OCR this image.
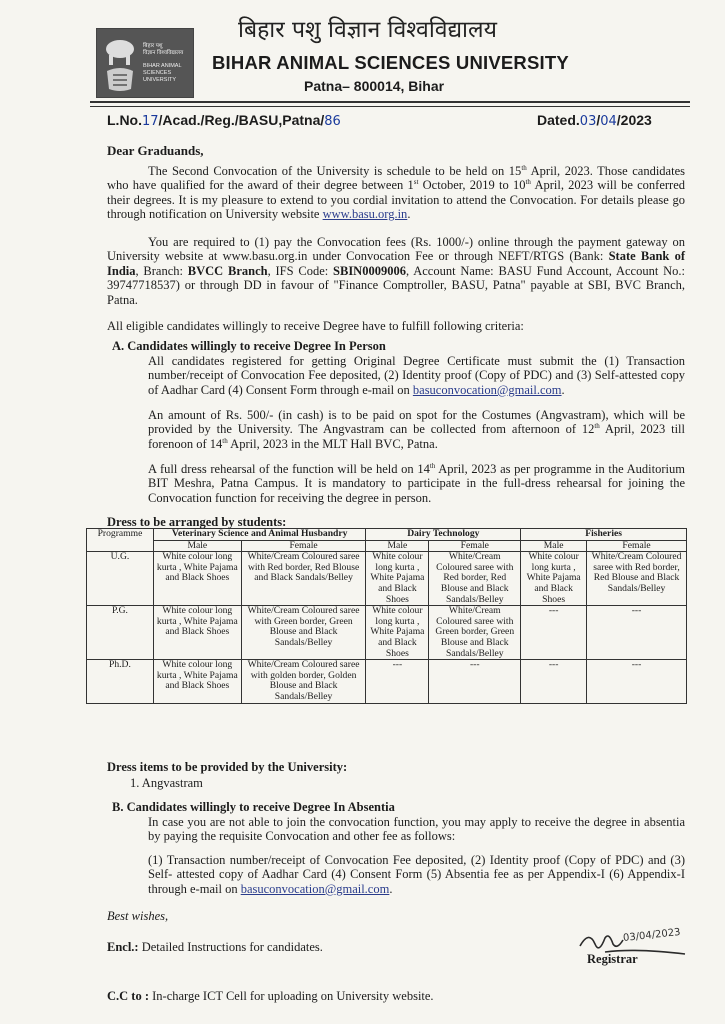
बिहार पशु
विज्ञान विश्वविद्यालय
BIHAR ANIMAL
SCIENCES UNIVERSITY
बिहार पशु विज्ञान विश्वविद्यालय
BIHAR ANIMAL SCIENCES UNIVERSITY
Patna– 800014, Bihar
L.No.17/Acad./Reg./BASU,Patna/86	Dated.03/04/2023
Dear Graduands,
The Second Convocation of the University is schedule to be held on 15th April, 2023. Those candidates who have qualified for the award of their degree between 1st October, 2019 to 10th April, 2023 will be conferred their degrees. It is my pleasure to extend to you cordial invitation to attend the Convocation. For details please go through notification on University website www.basu.org.in.
You are required to (1) pay the Convocation fees (Rs. 1000/-) online through the payment gateway on University website at www.basu.org.in under Convocation Fee or through NEFT/RTGS (Bank: State Bank of India, Branch: BVCC Branch, IFS Code: SBIN0009006, Account Name: BASU Fund Account, Account No.: 39747718537) or through DD in favour of "Finance Comptroller, BASU, Patna" payable at SBI, BVC Branch, Patna.
All eligible candidates willingly to receive Degree have to fulfill following criteria:
A. Candidates willingly to receive Degree In Person
All candidates registered for getting Original Degree Certificate must submit the (1) Transaction number/receipt of Convocation Fee deposited, (2) Identity proof (Copy of PDC) and (3) Self-attested copy of Aadhar Card (4) Consent Form through e-mail on basuconvocation@gmail.com.
An amount of Rs. 500/- (in cash) is to be paid on spot for the Costumes (Angvastram), which will be provided by the University. The Angvastram can be collected from afternoon of 12th April, 2023 till forenoon of 14th April, 2023 in the MLT Hall BVC, Patna.
A full dress rehearsal of the function will be held on 14th April, 2023 as per programme in the Auditorium BIT Meshra, Patna Campus. It is mandatory to participate in the full-dress rehearsal for joining the Convocation function for receiving the degree in person.
Dress to be arranged by students:
Programme	Veterinary Science and Animal Husbandry		Dairy Technology		Fisheries	
	Male	Female	Male	Female	Male	Female
U.G.	White colour long kurta , White Pajama and Black Shoes	White/Cream Coloured saree with Red border, Red Blouse and Black Sandals/Belley	White colour long kurta , White Pajama and Black Shoes	White/Cream Coloured saree with Red border, Red Blouse and Black Sandals/Belley	White colour long kurta , White Pajama and Black Shoes	White/Cream Coloured saree with Red border, Red Blouse and Black Sandals/Belley
P.G.	White colour long kurta , White Pajama and Black Shoes	White/Cream Coloured saree with Green border, Green Blouse and Black Sandals/Belley	White colour long kurta , White Pajama and Black Shoes	White/Cream Coloured saree with Green border, Green Blouse and Black Sandals/Belley	---	---
Ph.D.	White colour long kurta , White Pajama and Black Shoes	White/Cream Coloured saree with golden border, Golden Blouse and Black Sandals/Belley	---	---	---	---
Dress items to be provided by the University:
1. Angvastram
B. Candidates willingly to receive Degree In Absentia
In case you are not able to join the convocation function, you may apply to receive the degree in absentia by paying the requisite Convocation and other fee as follows:
(1) Transaction number/receipt of Convocation Fee deposited, (2) Identity proof (Copy of PDC) and (3) Self- attested copy of Aadhar Card (4) Consent Form (5) Absentia fee as per Appendix-I (6) Appendix-I through e-mail on basuconvocation@gmail.com.
Best wishes,
Encl.: Detailed Instructions for candidates.
03/04/2023
Registrar
C.C to : In-charge ICT Cell for uploading on University website.
